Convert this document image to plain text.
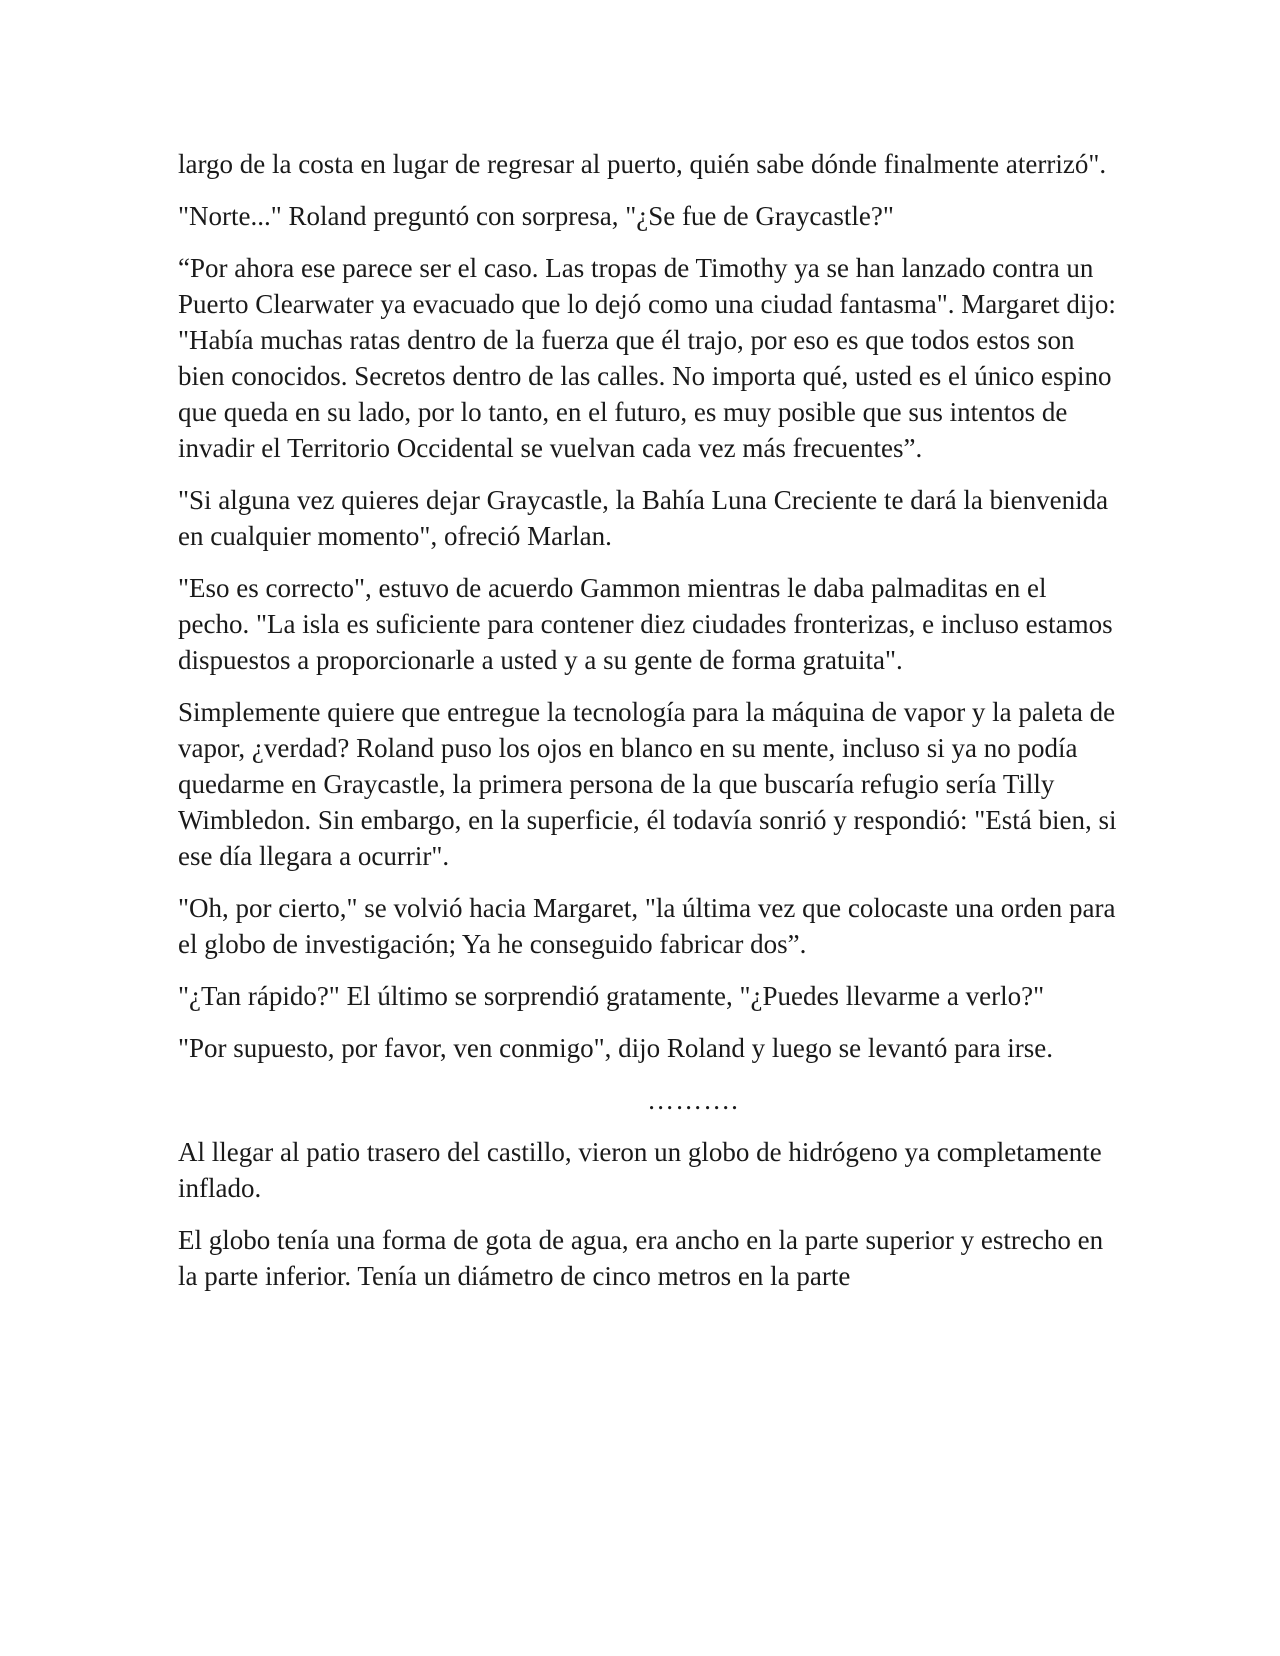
largo de la costa en lugar de regresar al puerto, quién sabe dónde finalmente aterrizó".

"Norte..." Roland preguntó con sorpresa, "¿Se fue de Graycastle?"

“Por ahora ese parece ser el caso. Las tropas de Timothy ya se han lanzado contra un Puerto Clearwater ya evacuado que lo dejó como una ciudad fantasma". Margaret dijo: "Había muchas ratas dentro de la fuerza que él trajo, por eso es que todos estos son bien conocidos. Secretos dentro de las calles. No importa qué, usted es el único espino que queda en su lado, por lo tanto, en el futuro, es muy posible que sus intentos de invadir el Territorio Occidental se vuelvan cada vez más frecuentes”.

"Si alguna vez quieres dejar Graycastle, la Bahía Luna Creciente te dará la bienvenida en cualquier momento", ofreció Marlan.

"Eso es correcto", estuvo de acuerdo Gammon mientras le daba palmaditas en el pecho. "La isla es suficiente para contener diez ciudades fronterizas, e incluso estamos dispuestos a proporcionarle a usted y a su gente de forma gratuita".

Simplemente quiere que entregue la tecnología para la máquina de vapor y la paleta de vapor, ¿verdad? Roland puso los ojos en blanco en su mente, incluso si ya no podía quedarme en Graycastle, la primera persona de la que buscaría refugio sería Tilly Wimbledon. Sin embargo, en la superficie, él todavía sonrió y respondió: "Está bien, si ese día llegara a ocurrir".

"Oh, por cierto," se volvió hacia Margaret, "la última vez que colocaste una orden para el globo de investigación; Ya he conseguido fabricar dos”.

"¿Tan rápido?" El último se sorprendió gratamente, "¿Puedes llevarme a verlo?"

"Por supuesto, por favor, ven conmigo", dijo Roland y luego se levantó para irse.

……….

Al llegar al patio trasero del castillo, vieron un globo de hidrógeno ya completamente inflado.

El globo tenía una forma de gota de agua, era ancho en la parte superior y estrecho en la parte inferior. Tenía un diámetro de cinco metros en la parte
